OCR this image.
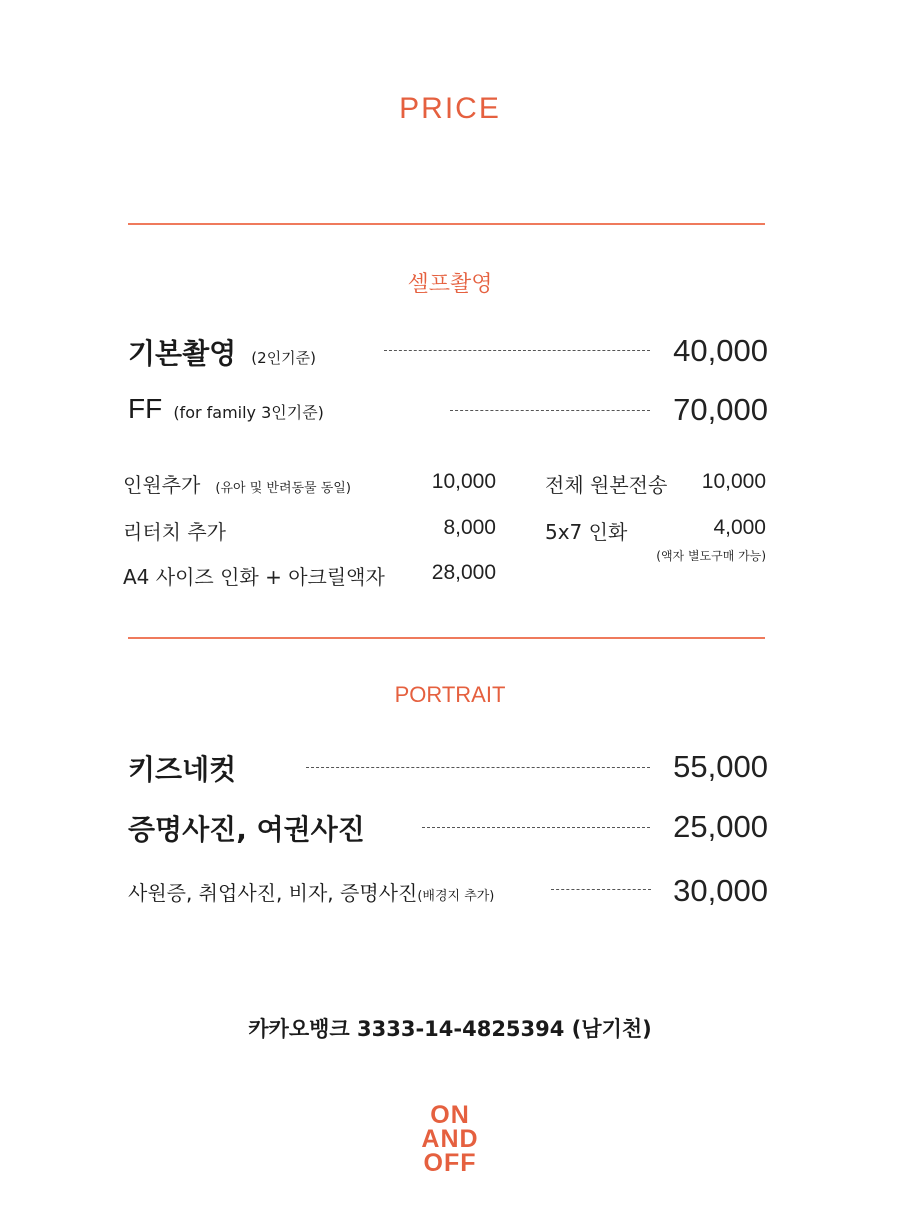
PRICE
셀프촬영
기본촬영 (2인기준)	40,000
FF (for family 3인기준)	70,000
인원추가 (유아 및 반려동물 동일)	10,000
리터치 추가	8,000
A4 사이즈 인화 + 아크릴액자 28,000
전체 원본전송 10,000
5x7 인화	4,000
(액자 별도구매 가능)
PORTRAIT
키즈네컷	55,000
증명사진, 여권사진	25,000
사원증, 취업사진, 비자, 증명사진(배경지 추가)	30,000
카카오뱅크 3333-14-4825394 (남기천)
ON
AND
OFF
